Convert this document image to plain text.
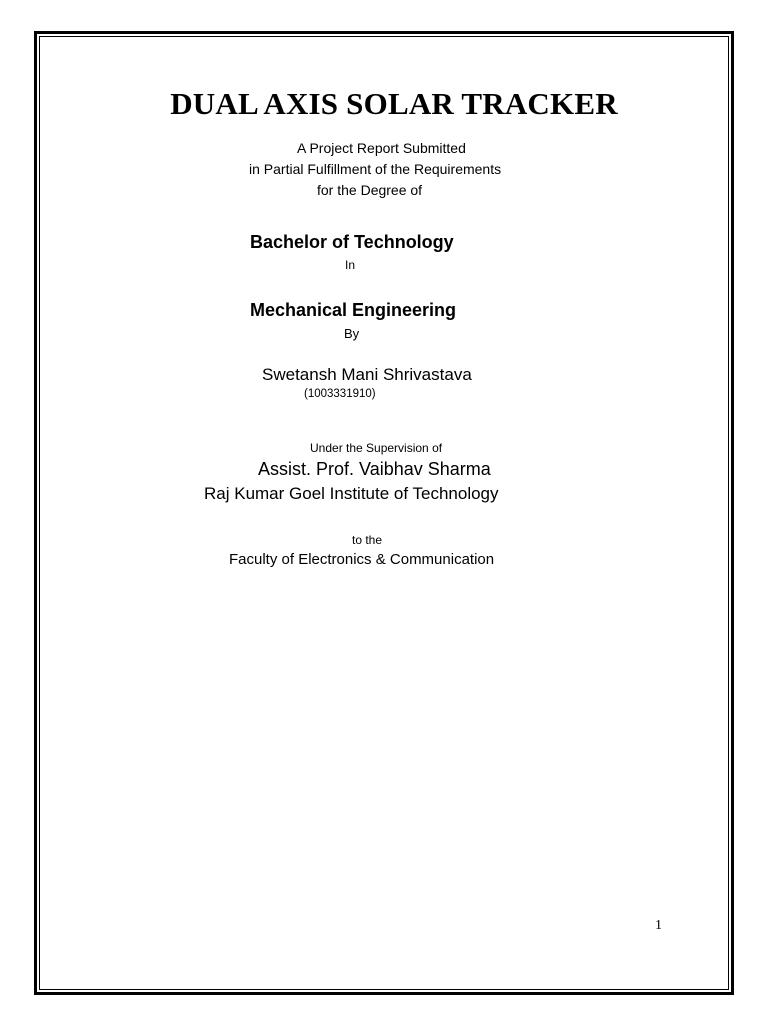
DUAL AXIS SOLAR TRACKER
A Project Report Submitted
in Partial Fulfillment of the Requirements
for the Degree of
Bachelor of Technology
In
Mechanical Engineering
By
Swetansh Mani Shrivastava
(1003331910)
Under the Supervision of
Assist. Prof. Vaibhav Sharma
Raj Kumar Goel Institute of Technology
to the
Faculty of Electronics & Communication
1
